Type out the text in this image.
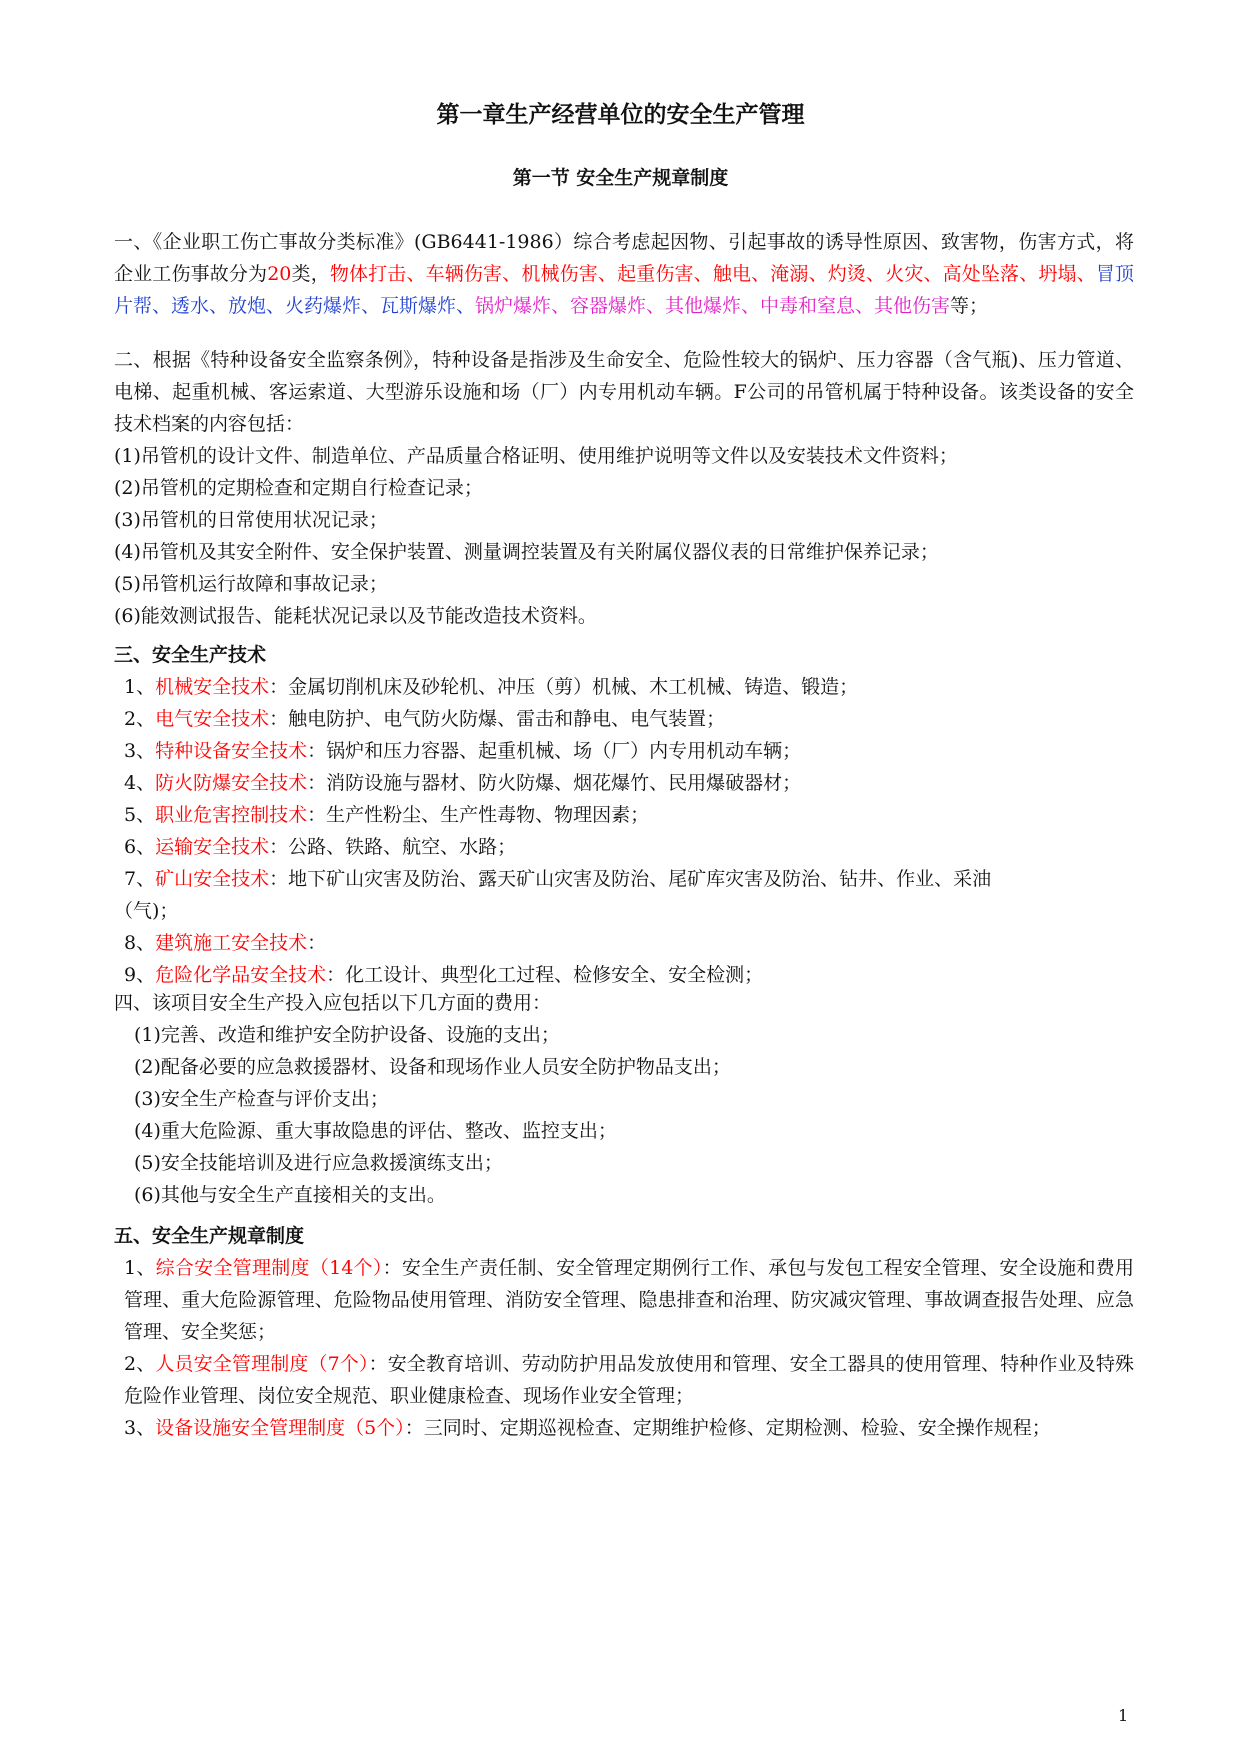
第一章生产经营单位的安全生产管理
第一节 安全生产规章制度

一、《企业职工伤亡事故分类标准》(GB6441-1986）综合考虑起因物、引起事故的诱导性原因、致害物，伤害方式，将企业工伤事故分为20类，物体打击、车辆伤害、机械伤害、起重伤害、触电、淹溺、灼烫、火灾、高处坠落、坍塌、冒顶片帮、透水、放炮、火药爆炸、瓦斯爆炸、锅炉爆炸、容器爆炸、其他爆炸、中毒和窒息、其他伤害等；

二、根据《特种设备安全监察条例》，特种设备是指涉及生命安全、危险性较大的锅炉、压力容器（含气瓶)、压力管道、电梯、起重机械、客运索道、大型游乐设施和场（厂）内专用机动车辆。F公司的吊管机属于特种设备。该类设备的安全技术档案的内容包括：

(1)吊管机的设计文件、制造单位、产品质量合格证明、使用维护说明等文件以及安装技术文件资料；

(2)吊管机的定期检查和定期自行检查记录；

(3)吊管机的日常使用状况记录；

(4)吊管机及其安全附件、安全保护装置、测量调控装置及有关附属仪器仪表的日常维护保养记录；

(5)吊管机运行故障和事故记录；

(6)能效测试报告、能耗状况记录以及节能改造技术资料。

三、安全生产技术

1、机械安全技术：金属切削机床及砂轮机、冲压（剪）机械、木工机械、铸造、锻造；

2、电气安全技术：触电防护、电气防火防爆、雷击和静电、电气装置；

3、特种设备安全技术：锅炉和压力容器、起重机械、场（厂）内专用机动车辆；

4、防火防爆安全技术：消防设施与器材、防火防爆、烟花爆竹、民用爆破器材；

5、职业危害控制技术：生产性粉尘、生产性毒物、物理因素；

6、运输安全技术：公路、铁路、航空、水路；

7、矿山安全技术：地下矿山灾害及防治、露天矿山灾害及防治、尾矿库灾害及防治、钻井、作业、采油

（气)；

8、建筑施工安全技术：

9、危险化学品安全技术：化工设计、典型化工过程、检修安全、安全检测；

四、该项目安全生产投入应包括以下几方面的费用：

(1)完善、改造和维护安全防护设备、设施的支出；

(2)配备必要的应急救援器材、设备和现场作业人员安全防护物品支出；

(3)安全生产检查与评价支出；

(4)重大危险源、重大事故隐患的评估、整改、监控支出；

(5)安全技能培训及进行应急救援演练支出；

(6)其他与安全生产直接相关的支出。

五、安全生产规章制度

1、综合安全管理制度（14个）：安全生产责任制、安全管理定期例行工作、承包与发包工程安全管理、安全设施和费用管理、重大危险源管理、危险物品使用管理、消防安全管理、隐患排查和治理、防灾减灾管理、事故调查报告处理、应急管理、安全奖惩；

2、人员安全管理制度（7个）：安全教育培训、劳动防护用品发放使用和管理、安全工器具的使用管理、特种作业及特殊危险作业管理、岗位安全规范、职业健康检查、现场作业安全管理；

3、设备设施安全管理制度（5个）：三同时、定期巡视检查、定期维护检修、定期检测、检验、安全操作规程；

1
